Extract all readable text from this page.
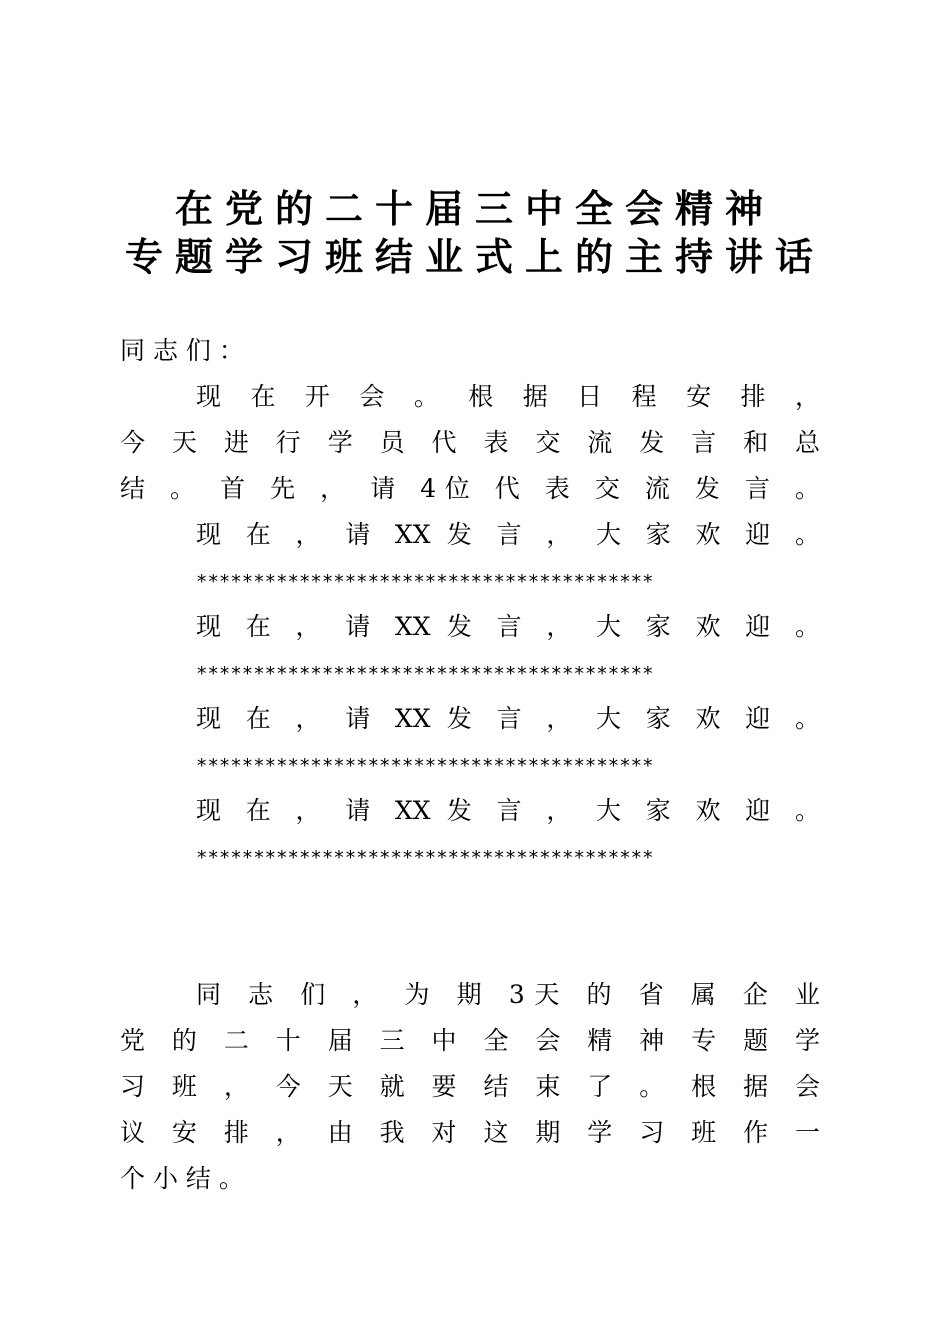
在党的二十届三中全会精神
专题学习班结业式上的主持讲话
同 志 们 ：
现 在 开 会 。 根 据 日 程 安 排 ，
今 天 进 行 学 员 代 表 交 流 发 言 和 总
结 。 首 先 ， 请 4位 代 表 交 流 发 言 。
现 在 ， 请 XX 发 言 ， 大 家 欢 迎 。
****************************************
现 在 ， 请 XX 发 言 ， 大 家 欢 迎 。
****************************************
现 在 ， 请 XX 发 言 ， 大 家 欢 迎 。
****************************************
现 在 ， 请 XX 发 言 ， 大 家 欢 迎 。
****************************************
同 志 们 ， 为 期 3天 的 省 属 企 业
党 的 二 十 届 三 中 全 会 精 神 专 题 学
习 班 ， 今 天 就 要 结 束 了 。 根 据 会
议 安 排 ， 由 我 对 这 期 学 习 班 作 一
个 小 结 。
